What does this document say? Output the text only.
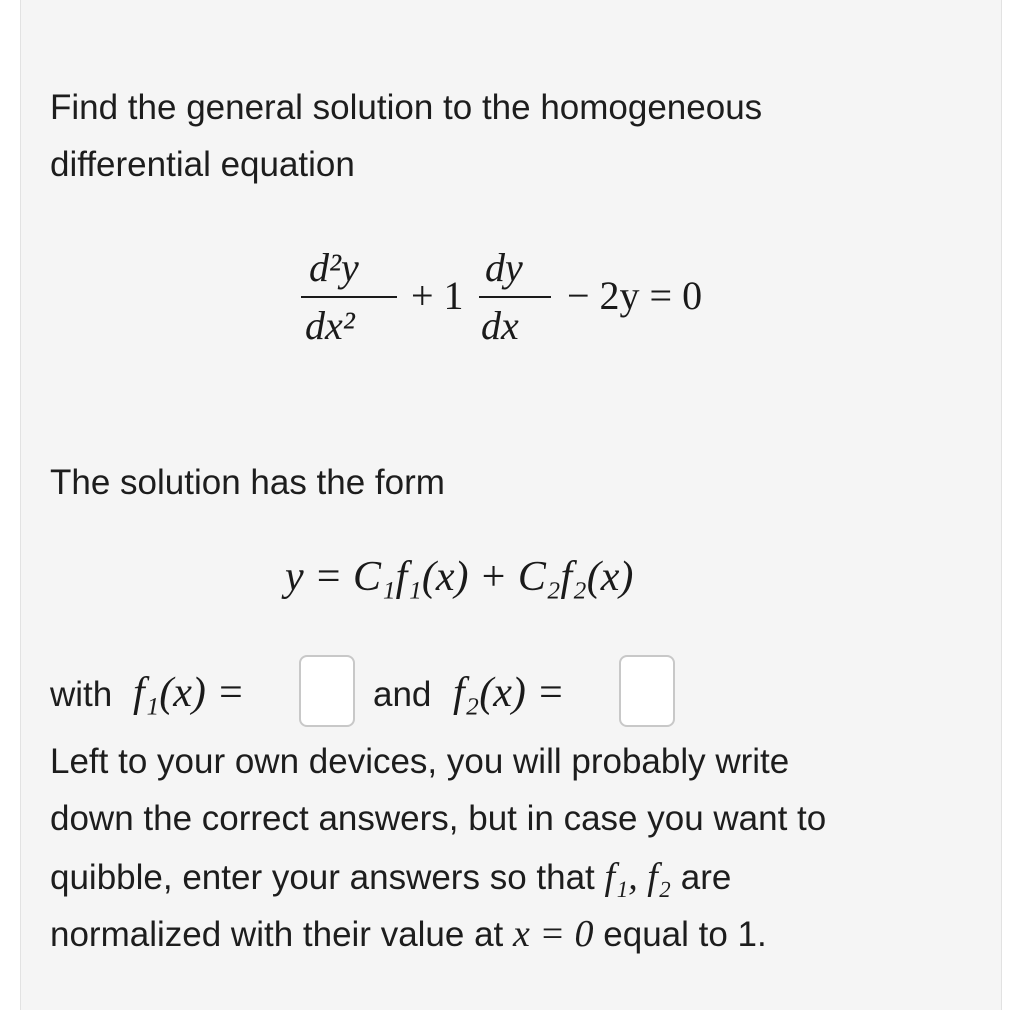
Find the general solution to the homogeneous
differential equation
d²y
dx²
+ 1
dy
dx
− 2y = 0
The solution has the form
y = C₁f₁(x) + C₂f₂(x)
with f₁(x) =	and f₂(x) =
Left to your own devices, you will probably write
down the correct answers, but in case you want to
quibble, enter your answers so that f₁, f₂ are
normalized with their value at x = 0 equal to 1.
